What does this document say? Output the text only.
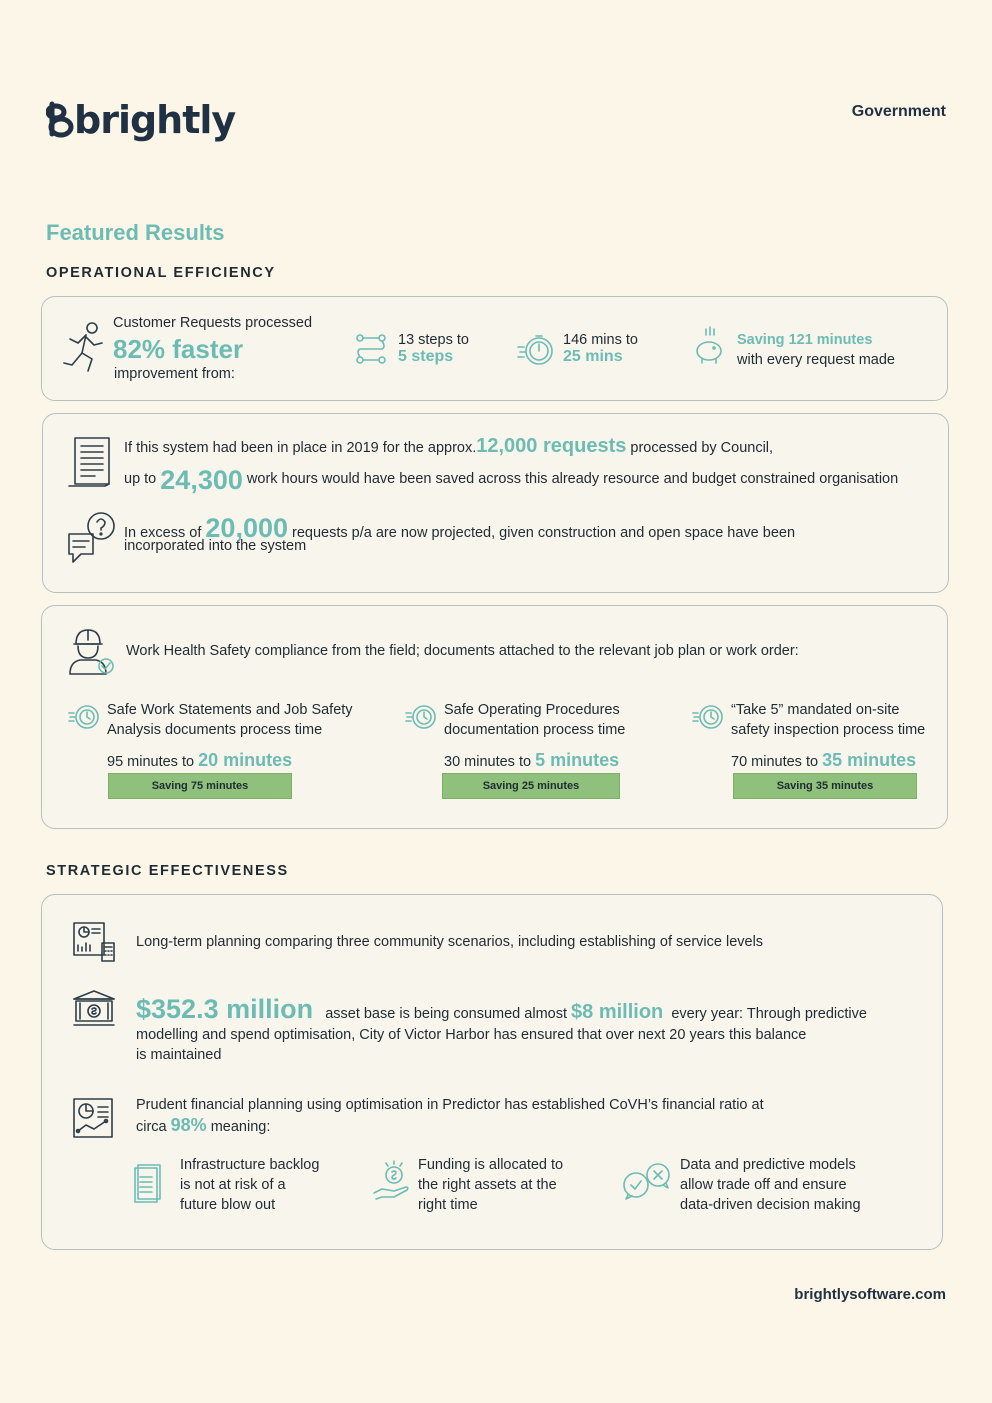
brightly	Government
Featured Results
OPERATIONAL EFFICIENCY
Customer Requests processed
82% faster
improvement from:
13 steps to
5 steps
146 mins to
25 mins
Saving 121 minutes
with every request made
If this system had been in place in 2019 for the approx.12,000 requests processed by Council,
up to 24,300 work hours would have been saved across this already resource and budget constrained organisation
In excess of 20,000 requests p/a are now projected, given construction and open space have been
incorporated into the system
Work Health Safety compliance from the field; documents attached to the relevant job plan or work order:
Safe Work Statements and Job Safety
Analysis documents process time
95 minutes to 20 minutes
Saving 75 minutes
Safe Operating Procedures
documentation process time
30 minutes to 5 minutes
Saving 25 minutes
“Take 5” mandated on-site
safety inspection process time
70 minutes to 35 minutes
Saving 35 minutes
STRATEGIC EFFECTIVENESS
Long-term planning comparing three community scenarios, including establishing of service levels
$352.3 million asset base is being consumed almost $8 million every year: Through predictive
modelling and spend optimisation, City of Victor Harbor has ensured that over next 20 years this balance
is maintained
Prudent financial planning using optimisation in Predictor has established CoVH’s financial ratio at
circa 98% meaning:
Infrastructure backlog
is not at risk of a
future blow out
Funding is allocated to
the right assets at the
right time
Data and predictive models
allow trade off and ensure
data-driven decision making
brightlysoftware.com
